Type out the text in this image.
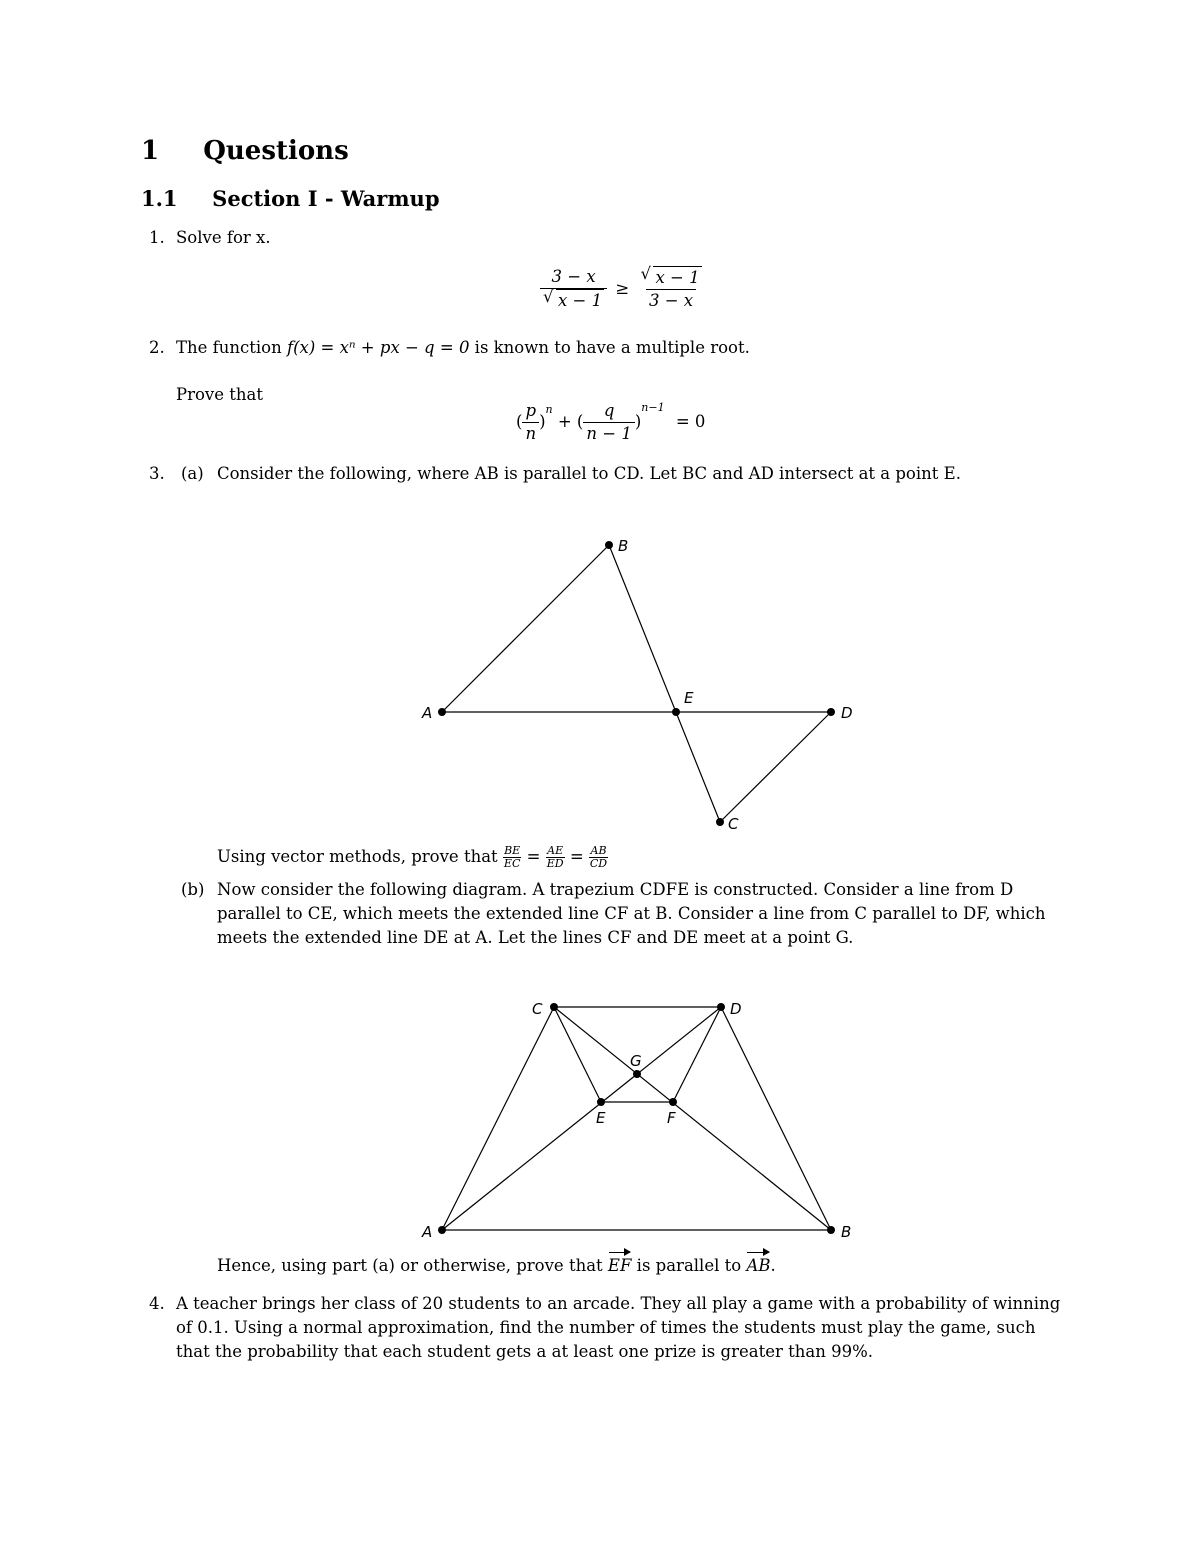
1 Questions
1.1 Section I - Warmup
1. Solve for x.
3 − x
√ x − 1 ≥
√ $\frac{x - 1}{3 - x}$
2. The function f(x) = xⁿ + px − q = 0 is known to have a multiple root.
Prove that
( $\frac{p}{n} )^n$ + ( $\frac{q}{n - 1} )^{n-1} = 0$
3. (a) Consider the following, where AB is parallel to CD. Let BC and AD intersect at a point E.
B
A
E
D
C
Using vector methods, prove that $\frac{BE}{EC} = \frac{AE}{ED} = \frac{AB}{CD}$
(b) Now consider the following diagram. A trapezium CDFE is constructed. Consider a line from D
parallel to CE, which meets the extended line CF at B. Consider a line from C parallel to DF, which
meets the extended line DE at A. Let the lines CF and DE meet at a point G.
C	D
G
E	F
A	B
Hence, using part (a) or otherwise, prove that EF is parallel to AB.
4. A teacher brings her class of 20 students to an arcade. They all play a game with a probability of winning
of 0.1. Using a normal approximation, find the number of times the students must play the game, such
that the probability that each student gets a at least one prize is greater than 99%.
